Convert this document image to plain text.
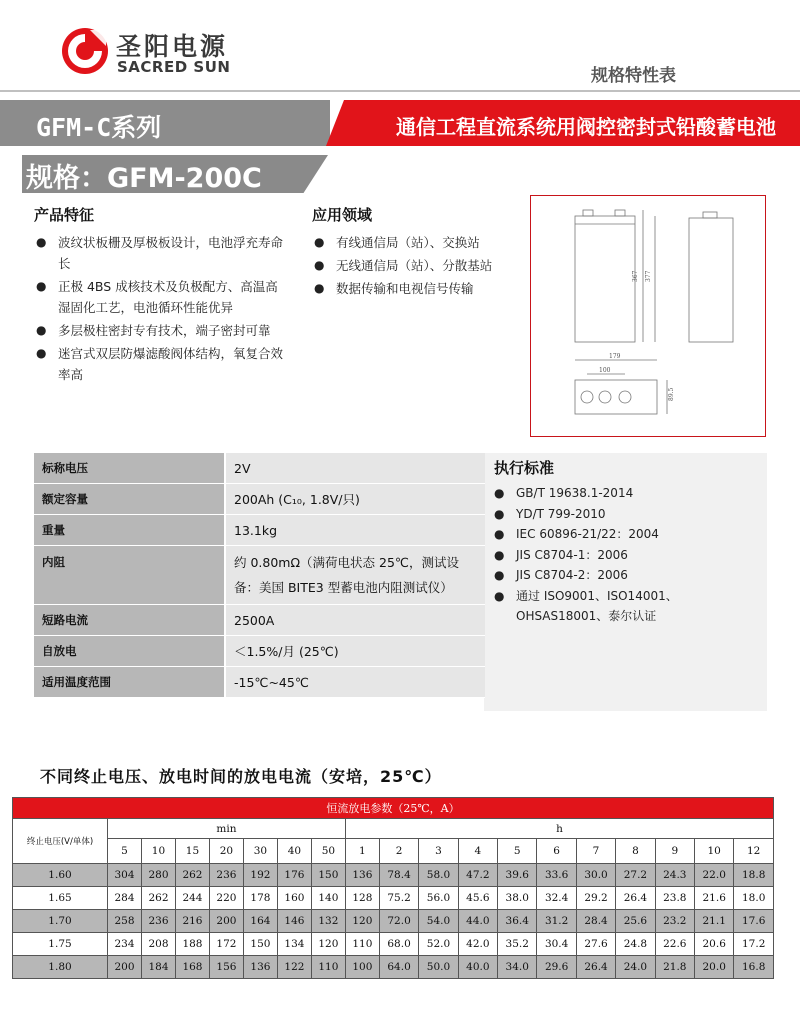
圣阳电源
SACRED SUN	规格特性表
GFM-C系列	通信工程直流系统用阀控密封式铅酸蓄电池
规格：GFM-200C
产品特征
● 波纹状板栅及厚极板设计，电池浮充寿命长
● 正极 4BS 成核技术及负极配方、高温高湿固化工艺，电池循环性能优异
● 多层极柱密封专有技术，端子密封可靠
● 迷宫式双层防爆滤酸阀体结构，氧复合效率高
应用领域
● 有线通信局（站）、交换站
● 无线通信局（站）、分散基站
● 数据传输和电视信号传输
367 377
179
100
89.5
执行标准
● GB/T 19638.1-2014
● YD/T 799-2010
● IEC 60896-21/22：2004
● JIS C8704-1：2006
● JIS C8704-2：2006
● 通过 ISO9001、ISO14001、OHSAS18001、泰尔认证
标称电压	2V
额定容量	200Ah (C₁₀, 1.8V/只)
重量	13.1kg
内阻	约 0.80mΩ（满荷电状态 25℃，测试设备：美国 BITE3 型蓄电池内阻测试仪）
短路电流	2500A
自放电	＜1.5%/月 (25℃)
适用温度范围	-15℃~45℃
不同终止电压、放电时间的放电电流（安培，25℃）
恒流放电参数（25℃，A）																		
终止电压(V/单体)	min							h										
	5	10	15	20	30	40	50	1	2	3	4	5	6	7	8	9	10	12
1.60	304	280	262	236	192	176	150	136	78.4	58.0	47.2	39.6	33.6	30.0	27.2	24.3	22.0	18.8
1.65	284	262	244	220	178	160	140	128	75.2	56.0	45.6	38.0	32.4	29.2	26.4	23.8	21.6	18.0
1.70	258	236	216	200	164	146	132	120	72.0	54.0	44.0	36.4	31.2	28.4	25.6	23.2	21.1	17.6
1.75	234	208	188	172	150	134	120	110	68.0	52.0	42.0	35.2	30.4	27.6	24.8	22.6	20.6	17.2
1.80	200	184	168	156	136	122	110	100	64.0	50.0	40.0	34.0	29.6	26.4	24.0	21.8	20.0	16.8
